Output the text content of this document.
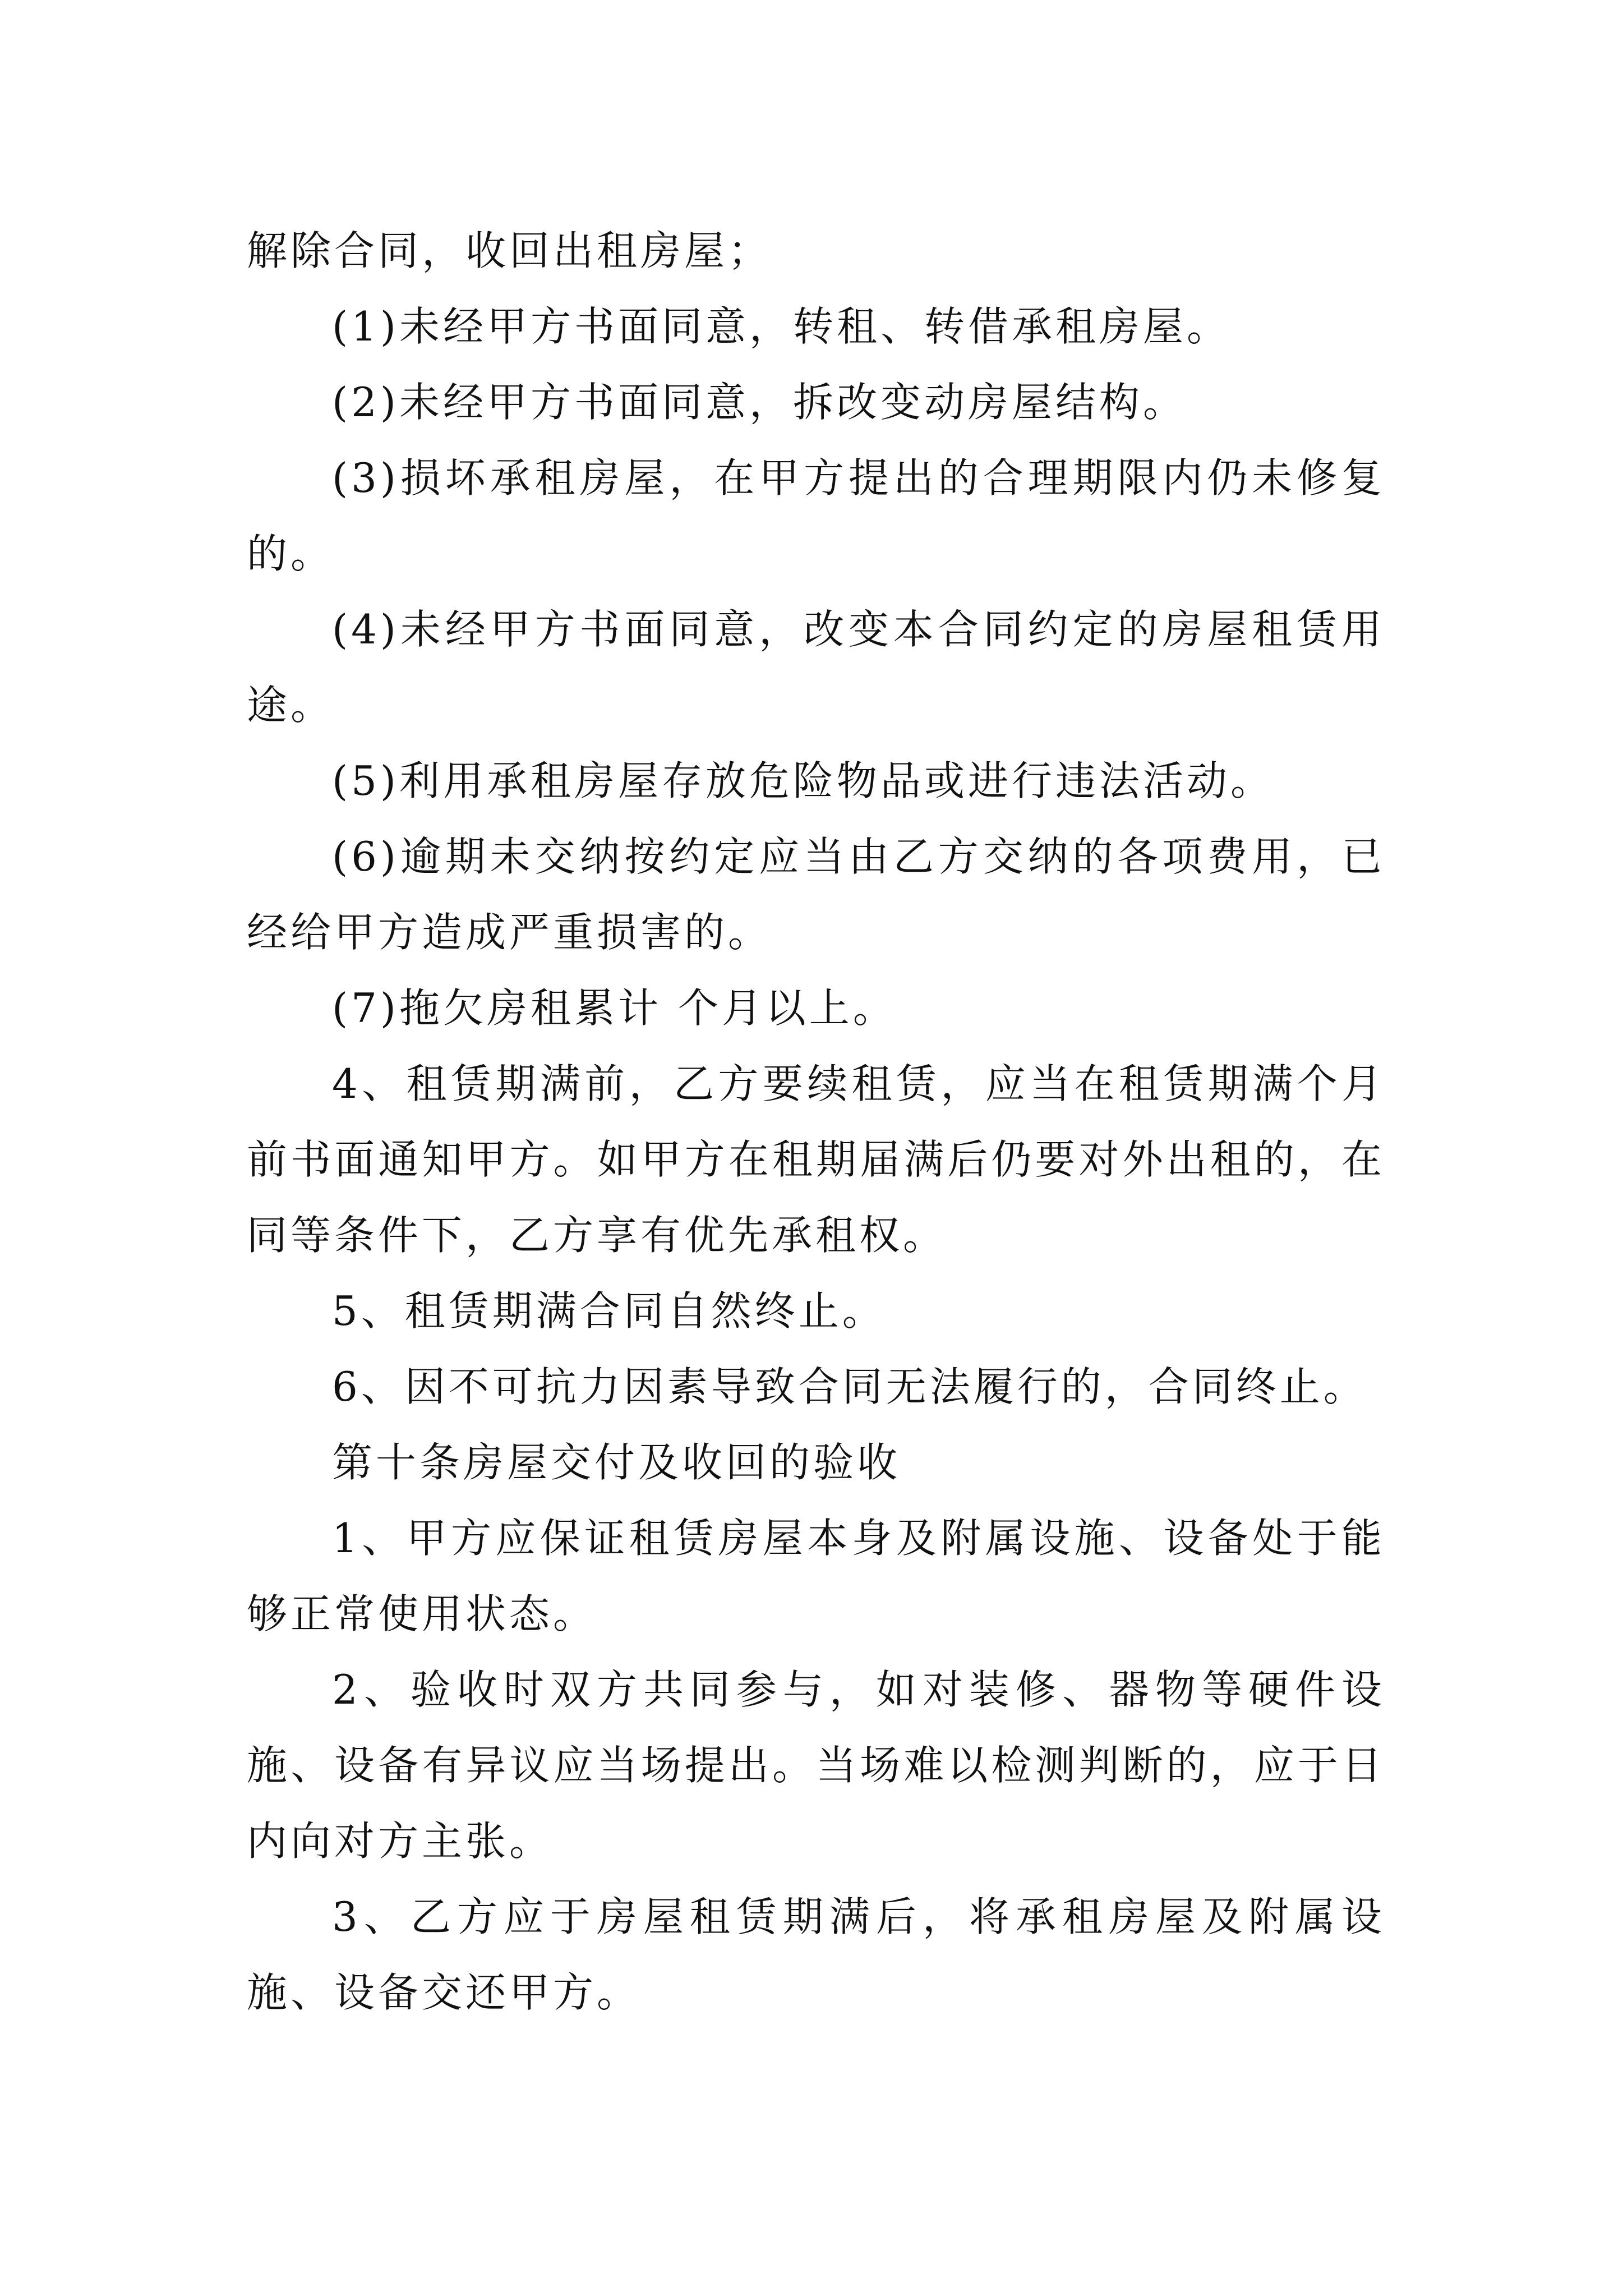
解除合同，收回出租房屋；

(1)未经甲方书面同意，转租、转借承租房屋。

(2)未经甲方书面同意，拆改变动房屋结构。

(3)损坏承租房屋，在甲方提出的合理期限内仍未修复的。

(4)未经甲方书面同意，改变本合同约定的房屋租赁用途。

(5)利用承租房屋存放危险物品或进行违法活动。

(6)逾期未交纳按约定应当由乙方交纳的各项费用，已经给甲方造成严重损害的。

(7)拖欠房租累计 个月以上。

4、租赁期满前，乙方要续租赁，应当在租赁期满个月前书面通知甲方。如甲方在租期届满后仍要对外出租的，在同等条件下，乙方享有优先承租权。

5、租赁期满合同自然终止。

6、因不可抗力因素导致合同无法履行的，合同终止。

第十条房屋交付及收回的验收

1、甲方应保证租赁房屋本身及附属设施、设备处于能够正常使用状态。

2、验收时双方共同参与，如对装修、器物等硬件设施、设备有异议应当场提出。当场难以检测判断的，应于日内向对方主张。

3、乙方应于房屋租赁期满后，将承租房屋及附属设施、设备交还甲方。
